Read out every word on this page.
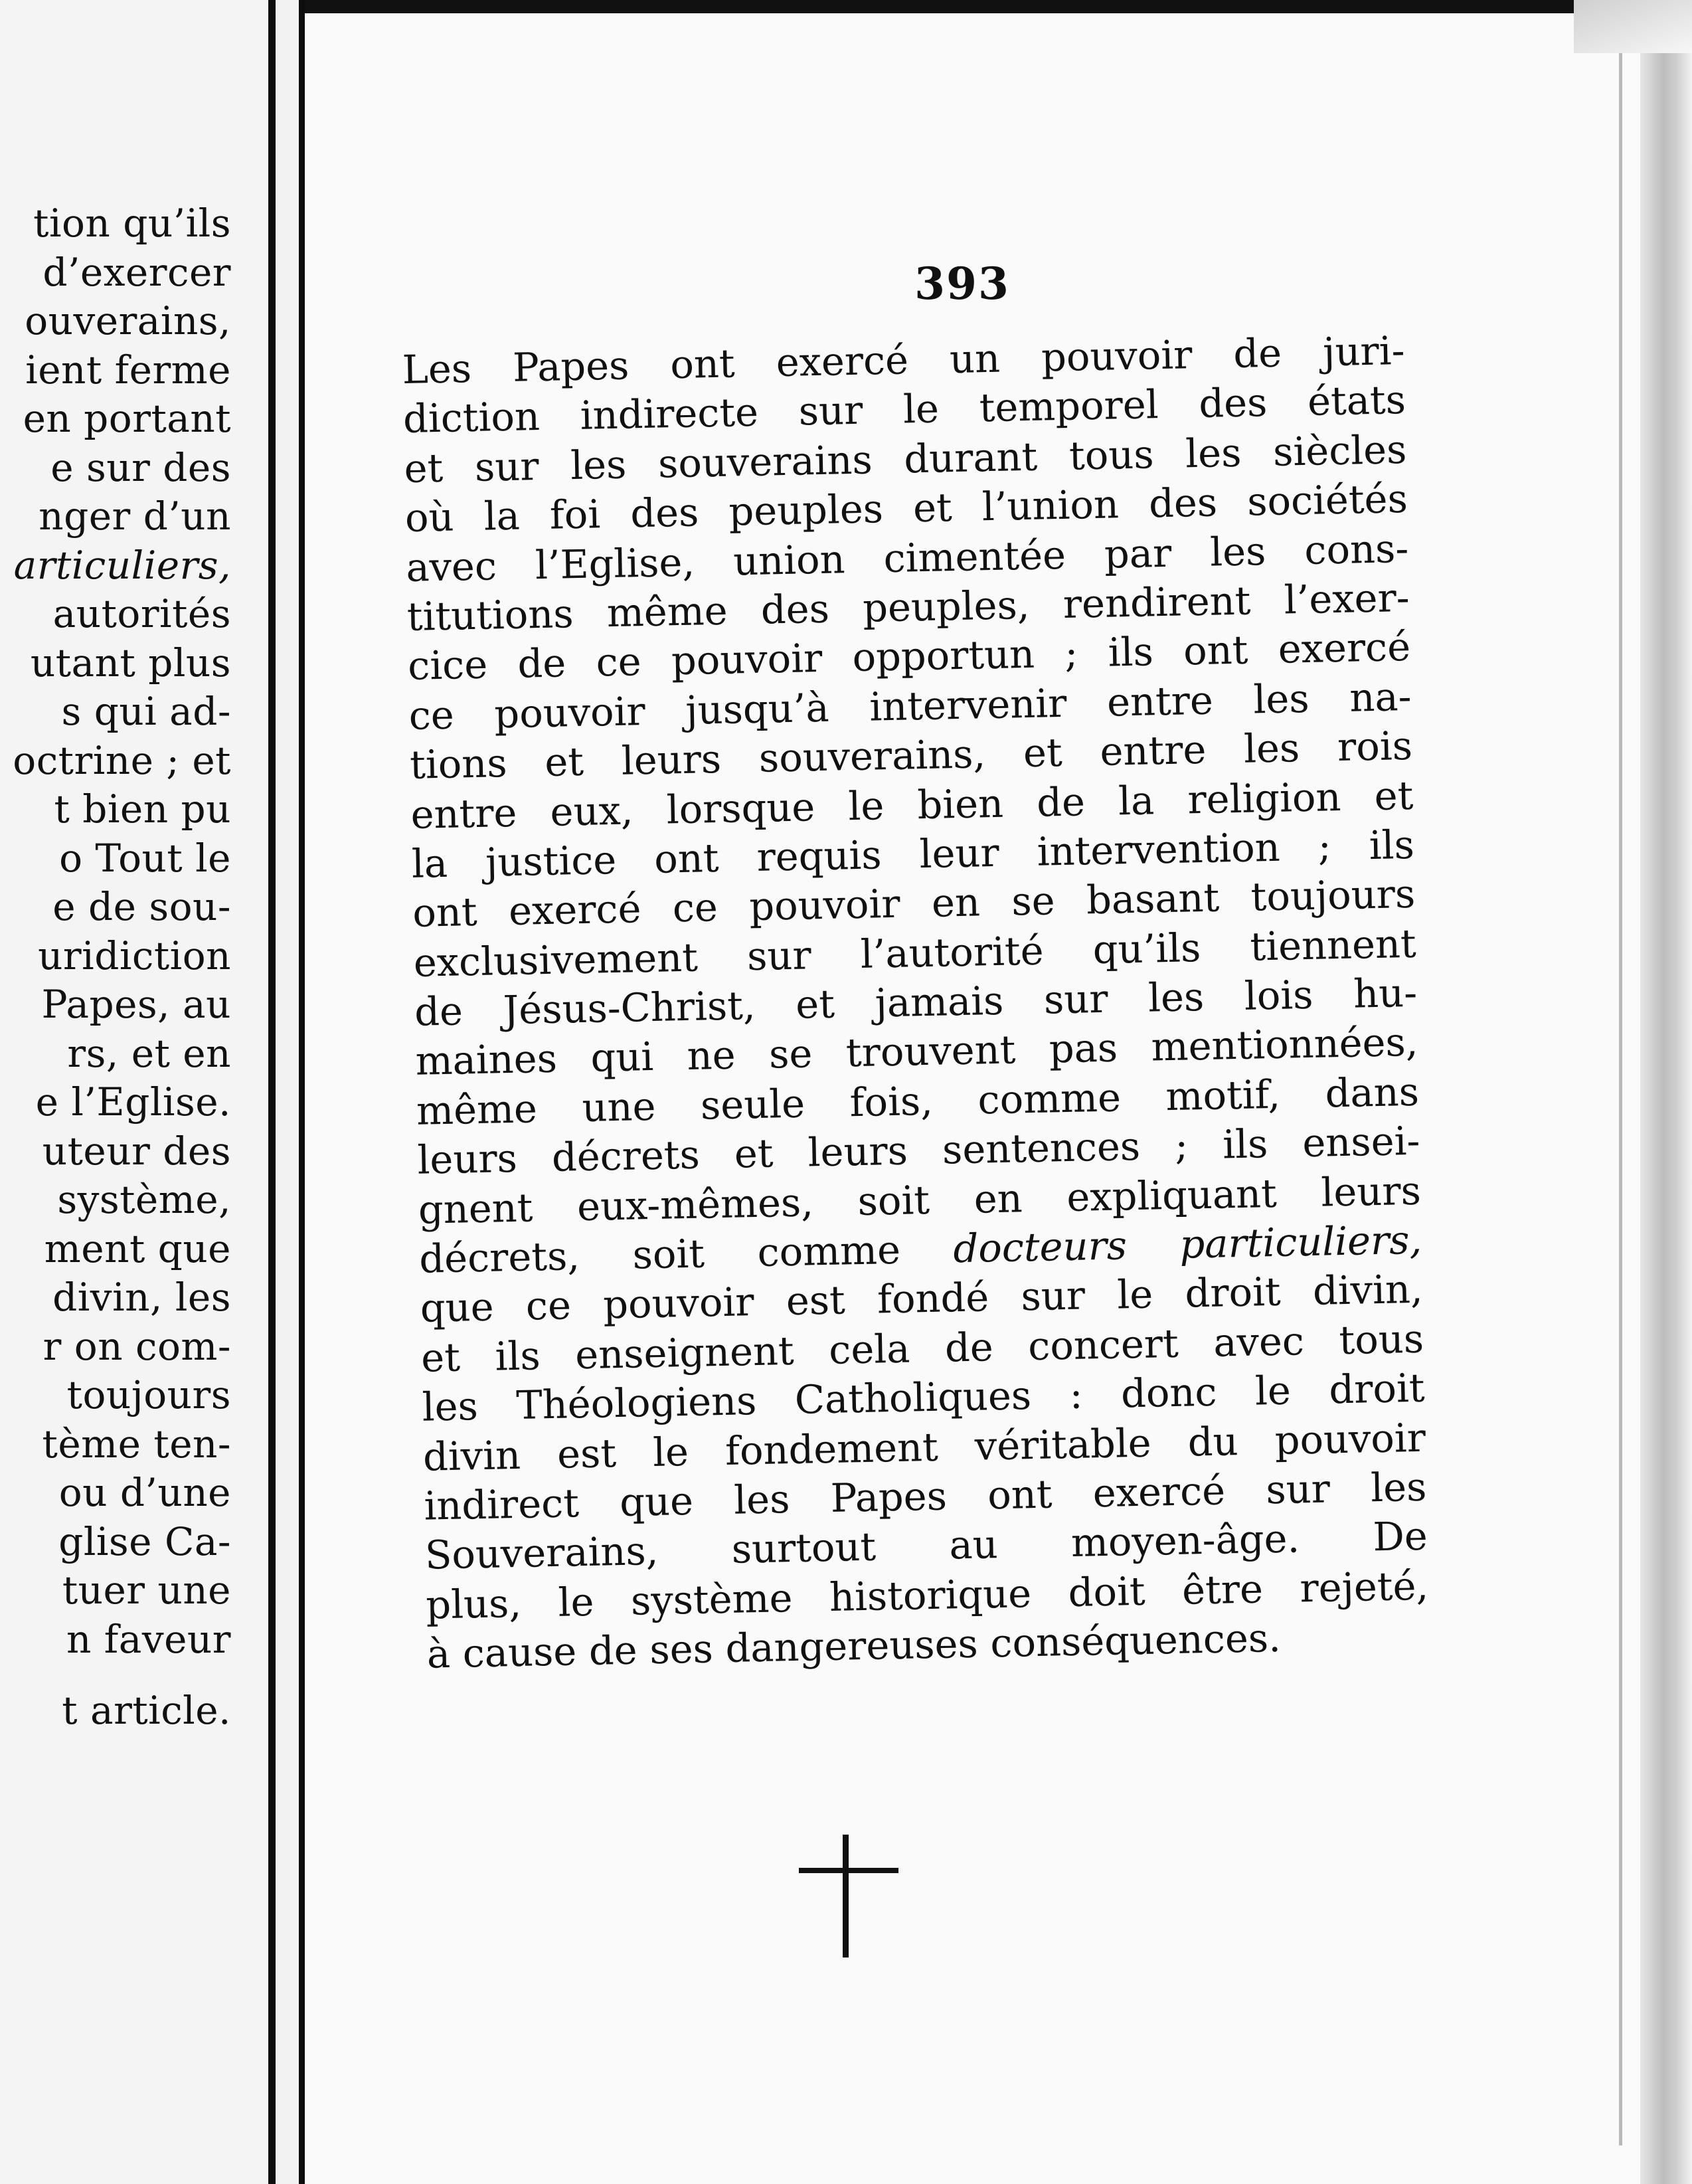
tion qu’ils
d’exercer
ouverains,
ient ferme
en portant
e sur des
nger d’un
articuliers,
autorités
utant plus
s qui ad-
octrine ; et
t bien pu
o Tout le
e de sou-
uridiction
Papes, au
rs, et en
e l’Eglise.
uteur des
système,
ment que
divin, les
r on com-
toujours
tème ten-
ou d’une
glise Ca-
tuer une
n faveur
t article.
393
Les Papes ont exercé un pouvoir de juri-
diction indirecte sur le temporel des états
et sur les souverains durant tous les siècles
où la foi des peuples et l’union des sociétés
avec l’Eglise, union cimentée par les cons-
titutions même des peuples, rendirent l’exer-
cice de ce pouvoir opportun ; ils ont exercé
ce pouvoir jusqu’à intervenir entre les na-
tions et leurs souverains, et entre les rois
entre eux, lorsque le bien de la religion et
la justice ont requis leur intervention ; ils
ont exercé ce pouvoir en se basant toujours
exclusivement sur l’autorité qu’ils tiennent
de Jésus-Christ, et jamais sur les lois hu-
maines qui ne se trouvent pas mentionnées,
même une seule fois, comme motif, dans
leurs décrets et leurs sentences ; ils ensei-
gnent eux-mêmes, soit en expliquant leurs
décrets, soit comme docteurs particuliers,
que ce pouvoir est fondé sur le droit divin,
et ils enseignent cela de concert avec tous
les Théologiens Catholiques : donc le droit
divin est le fondement véritable du pouvoir
indirect que les Papes ont exercé sur les
Souverains, surtout au moyen-âge. De
plus, le système historique doit être rejeté,
à cause de ses dangereuses conséquences.
